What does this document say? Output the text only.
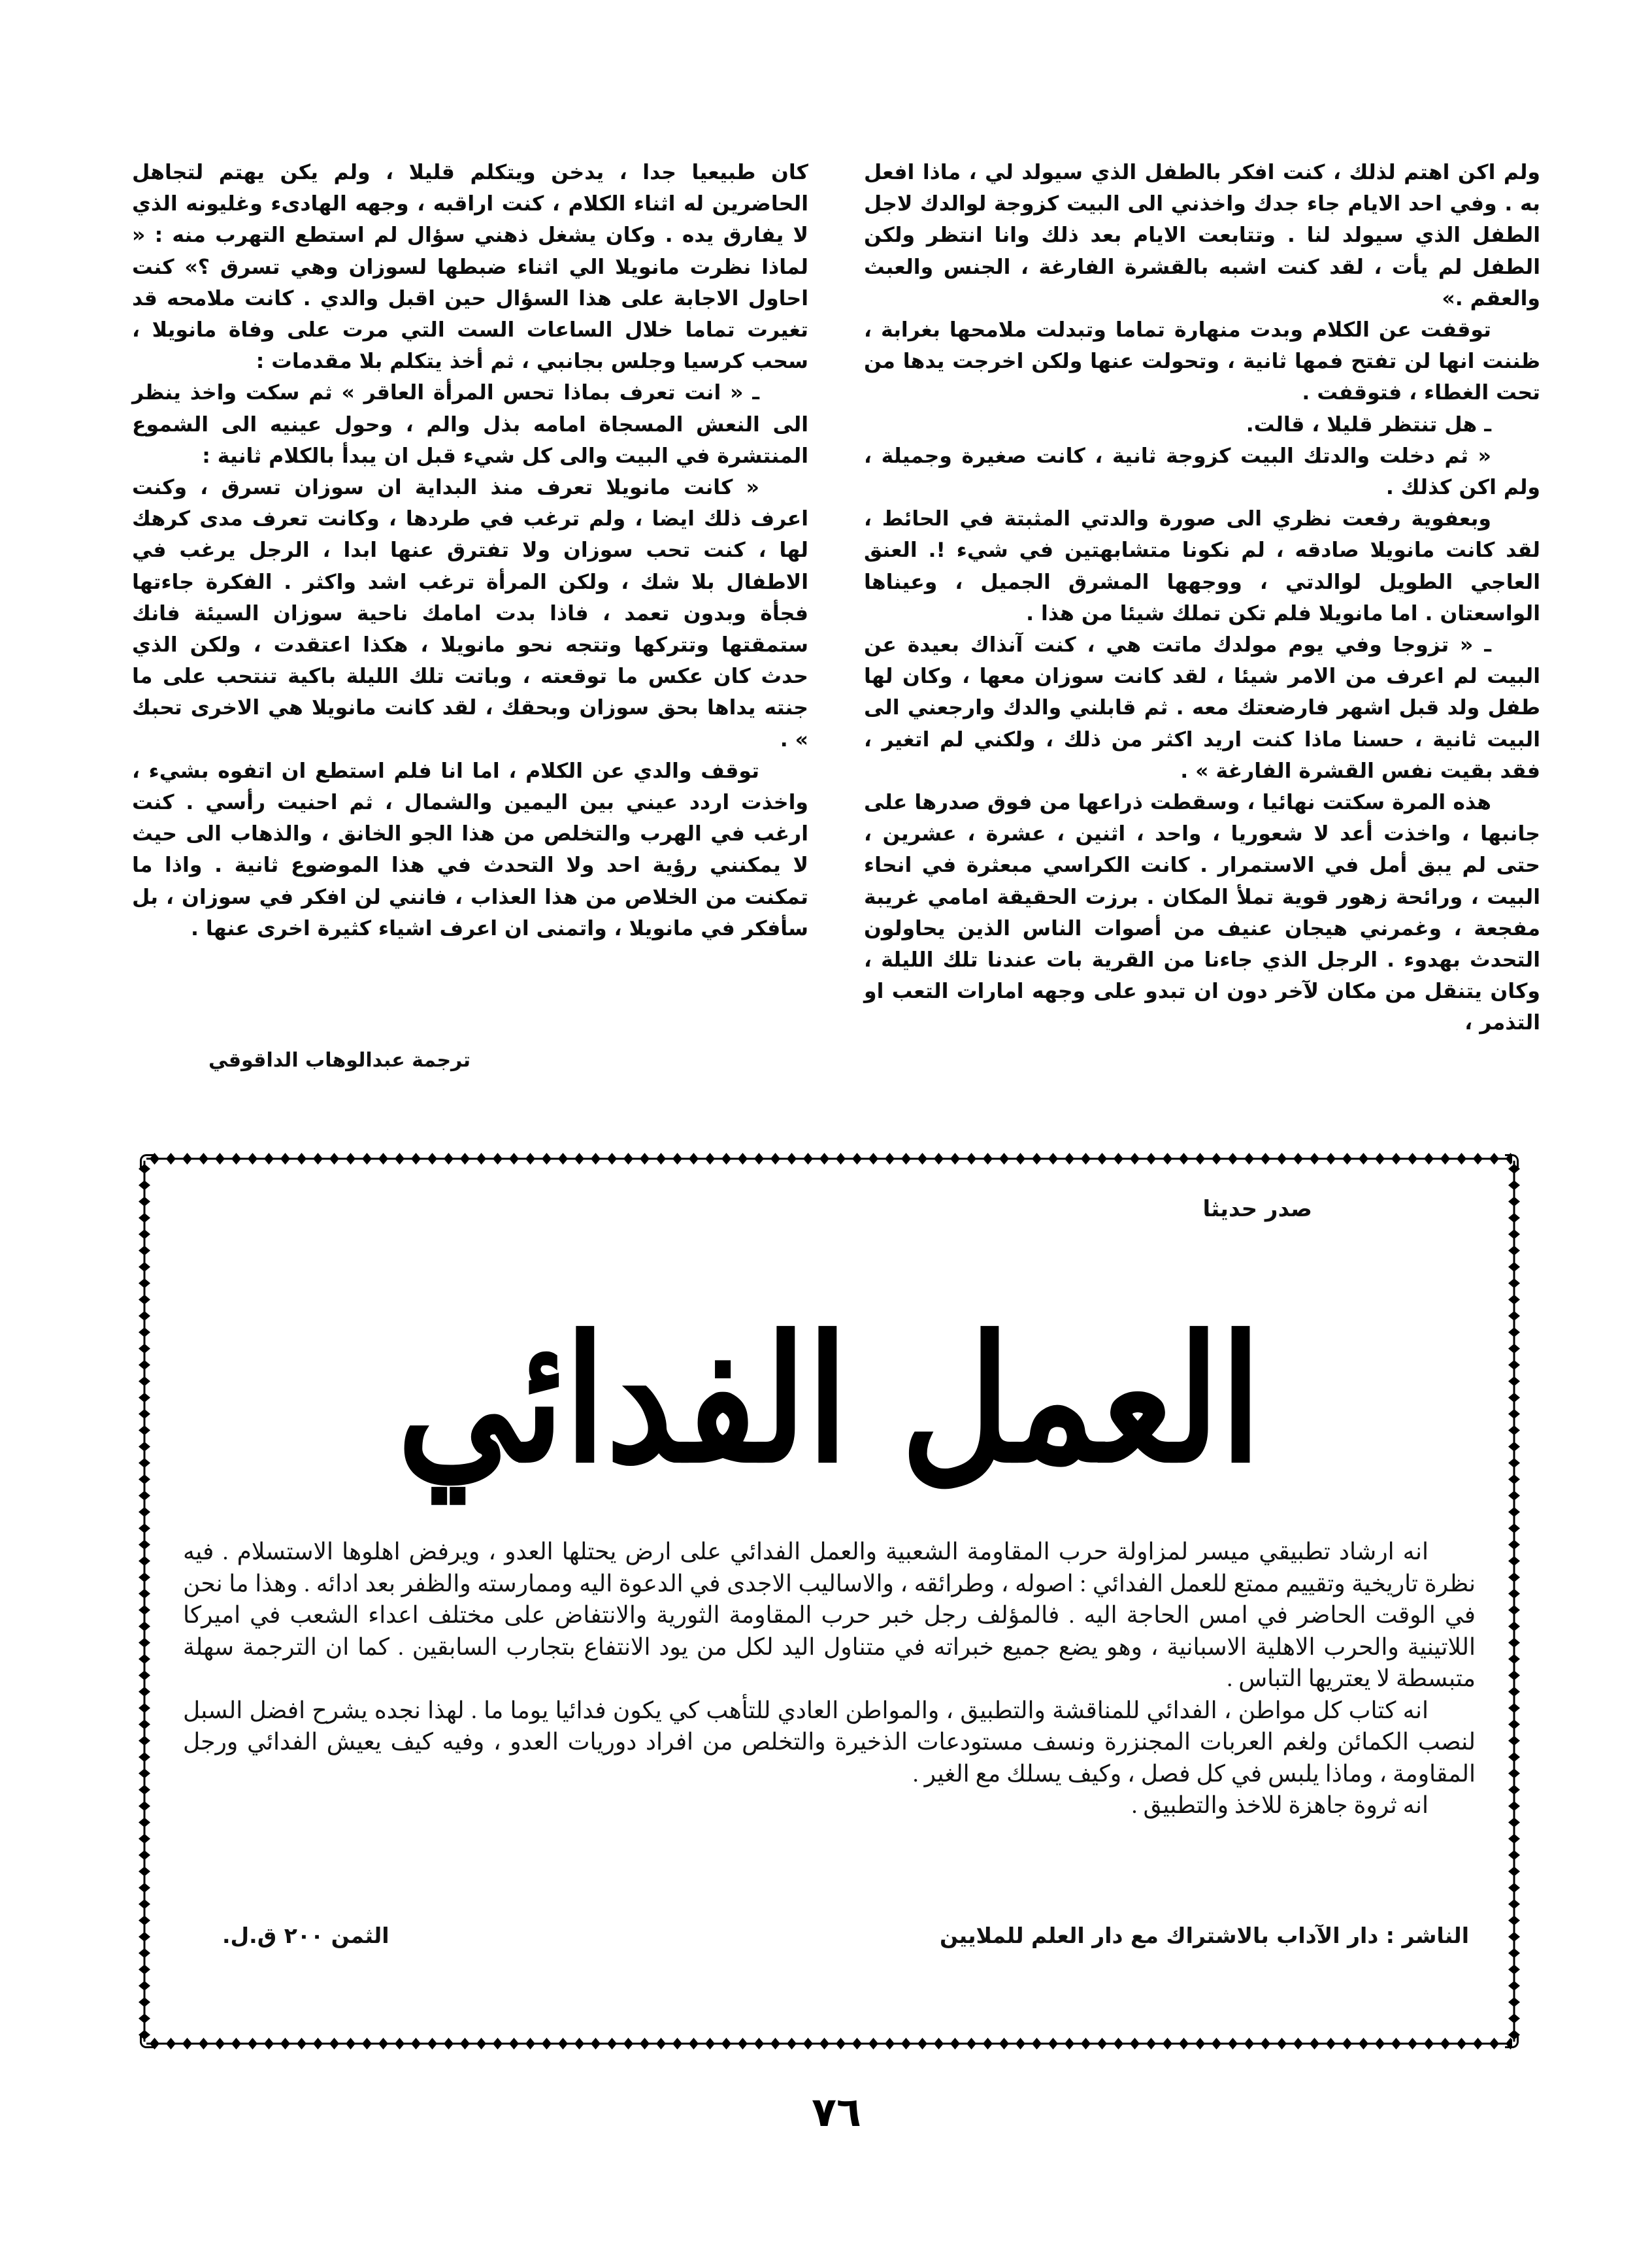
ولم اكن اهتم لذلك ، كنت افكر بالطفل الذي سيولد لي ، ماذا افعل به . وفي احد الايام جاء جدك واخذني الى البيت كزوجة لوالدك لاجل الطفل الذي سيولد لنا . وتتابعت الايام بعد ذلك وانا انتظر ولكن الطفل لم يأت ، لقد كنت اشبه بالقشرة الفارغة ، الجنس والعبث والعقم .»

توقفت عن الكلام وبدت منهارة تماما وتبدلت ملامحها بغرابة ، ظننت انها لن تفتح فمها ثانية ، وتحولت عنها ولكن اخرجت يدها من تحت الغطاء ، فتوقفت .

ـ هل تنتظر قليلا ، قالت.

« ثم دخلت والدتك البيت كزوجة ثانية ، كانت صغيرة وجميلة ، ولم اكن كذلك .

وبعفوية رفعت نظري الى صورة والدتي المثبتة في الحائط ، لقد كانت مانويلا صادقه ، لم نكونا متشابهتين في شيء !. العنق العاجي الطويل لوالدتي ، ووجهها المشرق الجميل ، وعيناها الواسعتان . اما مانويلا فلم تكن تملك شيئا من هذا .

ـ « تزوجا وفي يوم مولدك ماتت هي ، كنت آنذاك بعيدة عن البيت لم اعرف من الامر شيئا ، لقد كانت سوزان معها ، وكان لها طفل ولد قبل اشهر فارضعتك معه . ثم قابلني والدك وارجعني الى البيت ثانية ، حسنا ماذا كنت اريد اكثر من ذلك ، ولكني لم اتغير ، فقد بقيت نفس القشرة الفارغة » .

هذه المرة سكتت نهائيا ، وسقطت ذراعها من فوق صدرها على جانبها ، واخذت أعد لا شعوريا ، واحد ، اثنين ، عشرة ، عشرين ، حتى لم يبق أمل في الاستمرار . كانت الكراسي مبعثرة في انحاء البيت ، ورائحة زهور قوية تملأ المكان . برزت الحقيقة امامي غريبة مفجعة ، وغمرني هيجان عنيف من أصوات الناس الذين يحاولون التحدث بهدوء . الرجل الذي جاءنا من القرية بات عندنا تلك الليلة ، وكان يتنقل من مكان لآخر دون ان تبدو على وجهه امارات التعب او التذمر ،

كان طبيعيا جدا ، يدخن ويتكلم قليلا ، ولم يكن يهتم لتجاهل الحاضرين له اثناء الكلام ، كنت اراقبه ، وجهه الهادىء وغليونه الذي لا يفارق يده . وكان يشغل ذهني سؤال لم استطع التهرب منه : « لماذا نظرت مانويلا الي اثناء ضبطها لسوزان وهي تسرق ؟» كنت احاول الاجابة على هذا السؤال حين اقبل والدي . كانت ملامحه قد تغيرت تماما خلال الساعات الست التي مرت على وفاة مانويلا ، سحب كرسيا وجلس بجانبي ، ثم أخذ يتكلم بلا مقدمات :

ـ « انت تعرف بماذا تحس المرأة العاقر » ثم سكت واخذ ينظر الى النعش المسجاة امامه بذل والم ، وحول عينيه الى الشموع المنتشرة في البيت والى كل شيء قبل ان يبدأ بالكلام ثانية :

« كانت مانويلا تعرف منذ البداية ان سوزان تسرق ، وكنت اعرف ذلك ايضا ، ولم ترغب في طردها ، وكانت تعرف مدى كرهك لها ، كنت تحب سوزان ولا تفترق عنها ابدا ، الرجل يرغب في الاطفال بلا شك ، ولكن المرأة ترغب اشد واكثر . الفكرة جاءتها فجأة وبدون تعمد ، فاذا بدت امامك ناحية سوزان السيئة فانك ستمقتها وتتركها وتتجه نحو مانويلا ، هكذا اعتقدت ، ولكن الذي حدث كان عكس ما توقعته ، وباتت تلك الليلة باكية تنتحب على ما جنته يداها بحق سوزان وبحقك ، لقد كانت مانويلا هي الاخرى تحبك » .

توقف والدي عن الكلام ، اما انا فلم استطع ان اتفوه بشيء ، واخذت اردد عيني بين اليمين والشمال ، ثم احنيت رأسي . كنت ارغب في الهرب والتخلص من هذا الجو الخانق ، والذهاب الى حيث لا يمكنني رؤية احد ولا التحدث في هذا الموضوع ثانية . واذا ما تمكنت من الخلاص من هذا العذاب ، فانني لن افكر في سوزان ، بل سأفكر في مانويلا ، واتمنى ان اعرف اشياء كثيرة اخرى عنها .

ترجمة عبدالوهاب الداقوقي
صدر حديثا
العمل الفدائي

انه ارشاد تطبيقي ميسر لمزاولة حرب المقاومة الشعبية والعمل الفدائي على ارض يحتلها العدو ، ويرفض اهلوها الاستسلام . فيه نظرة تاريخية وتقييم ممتع للعمل الفدائي : اصوله ، وطرائقه ، والاساليب الاجدى في الدعوة اليه وممارسته والظفر بعد ادائه . وهذا ما نحن في الوقت الحاضر في امس الحاجة اليه . فالمؤلف رجل خبر حرب المقاومة الثورية والانتفاض على مختلف اعداء الشعب في اميركا اللاتينية والحرب الاهلية الاسبانية ، وهو يضع جميع خبراته في متناول اليد لكل من يود الانتفاع بتجارب السابقين . كما ان الترجمة سهلة متبسطة لا يعتريها التباس .

انه كتاب كل مواطن ، الفدائي للمناقشة والتطبيق ، والمواطن العادي للتأهب كي يكون فدائيا يوما ما . لهذا نجده يشرح افضل السبل لنصب الكمائن ولغم العربات المجنزرة ونسف مستودعات الذخيرة والتخلص من افراد دوريات العدو ، وفيه كيف يعيش الفدائي ورجل المقاومة ، وماذا يلبس في كل فصل ، وكيف يسلك مع الغير .

انه ثروة جاهزة للاخذ والتطبيق .

الناشر : دار الآداب بالاشتراك مع دار العلم للملايين
الثمن ٢٠٠ ق.ل.
٧٦
